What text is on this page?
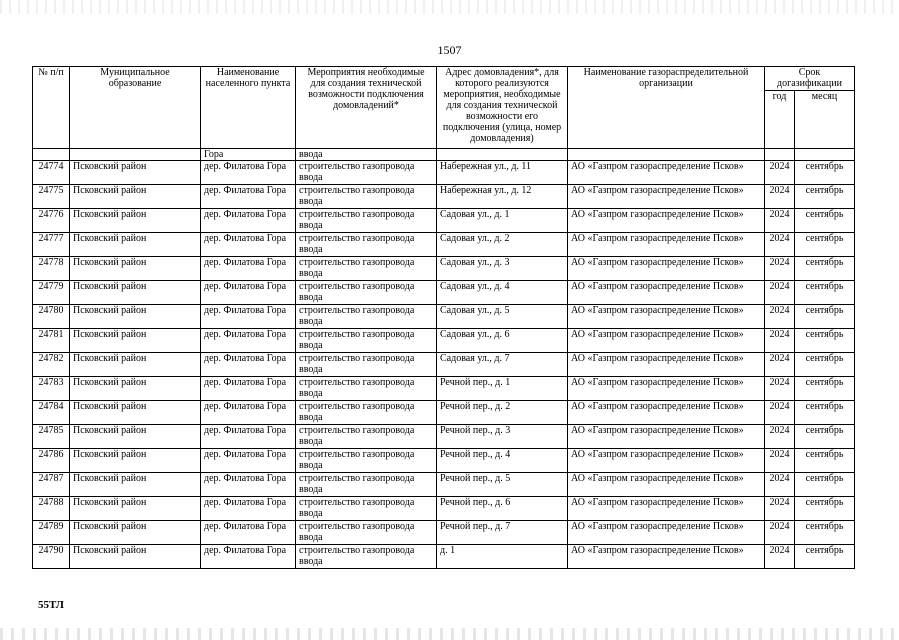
1507
№ п/п	Муниципальное образование	Наименование населенного пункта	Мероприятия необходимые для создания технической возможности подключения домовладений*	Адрес домовладения*, для которого реализуются мероприятия, необходимые для создания технической возможности его подключения (улица, номер домовладения)	Наименование газораспределительной организации	Срок догазификации	
						год	месяц
		Гора	ввода				
24774	Псковский район	дер. Филатова Гора	строительство газопровода ввода	Набережная ул., д. 11	АО «Газпром газораспределение Псков»	2024	сентябрь
24775	Псковский район	дер. Филатова Гора	строительство газопровода ввода	Набережная ул., д. 12	АО «Газпром газораспределение Псков»	2024	сентябрь
24776	Псковский район	дер. Филатова Гора	строительство газопровода ввода	Садовая ул., д. 1	АО «Газпром газораспределение Псков»	2024	сентябрь
24777	Псковский район	дер. Филатова Гора	строительство газопровода ввода	Садовая ул., д. 2	АО «Газпром газораспределение Псков»	2024	сентябрь
24778	Псковский район	дер. Филатова Гора	строительство газопровода ввода	Садовая ул., д. 3	АО «Газпром газораспределение Псков»	2024	сентябрь
24779	Псковский район	дер. Филатова Гора	строительство газопровода ввода	Садовая ул., д. 4	АО «Газпром газораспределение Псков»	2024	сентябрь
24780	Псковский район	дер. Филатова Гора	строительство газопровода ввода	Садовая ул., д. 5	АО «Газпром газораспределение Псков»	2024	сентябрь
24781	Псковский район	дер. Филатова Гора	строительство газопровода ввода	Садовая ул., д. 6	АО «Газпром газораспределение Псков»	2024	сентябрь
24782	Псковский район	дер. Филатова Гора	строительство газопровода ввода	Садовая ул., д. 7	АО «Газпром газораспределение Псков»	2024	сентябрь
24783	Псковский район	дер. Филатова Гора	строительство газопровода ввода	Речной пер., д. 1	АО «Газпром газораспределение Псков»	2024	сентябрь
24784	Псковский район	дер. Филатова Гора	строительство газопровода ввода	Речной пер., д. 2	АО «Газпром газораспределение Псков»	2024	сентябрь
24785	Псковский район	дер. Филатова Гора	строительство газопровода ввода	Речной пер., д. 3	АО «Газпром газораспределение Псков»	2024	сентябрь
24786	Псковский район	дер. Филатова Гора	строительство газопровода ввода	Речной пер., д. 4	АО «Газпром газораспределение Псков»	2024	сентябрь
24787	Псковский район	дер. Филатова Гора	строительство газопровода ввода	Речной пер., д. 5	АО «Газпром газораспределение Псков»	2024	сентябрь
24788	Псковский район	дер. Филатова Гора	строительство газопровода ввода	Речной пер., д. 6	АО «Газпром газораспределение Псков»	2024	сентябрь
24789	Псковский район	дер. Филатова Гора	строительство газопровода ввода	Речной пер., д. 7	АО «Газпром газораспределение Псков»	2024	сентябрь
24790	Псковский район	дер. Филатова Гора	строительство газопровода ввода	д. 1	АО «Газпром газораспределение Псков»	2024	сентябрь
55ТЛ
